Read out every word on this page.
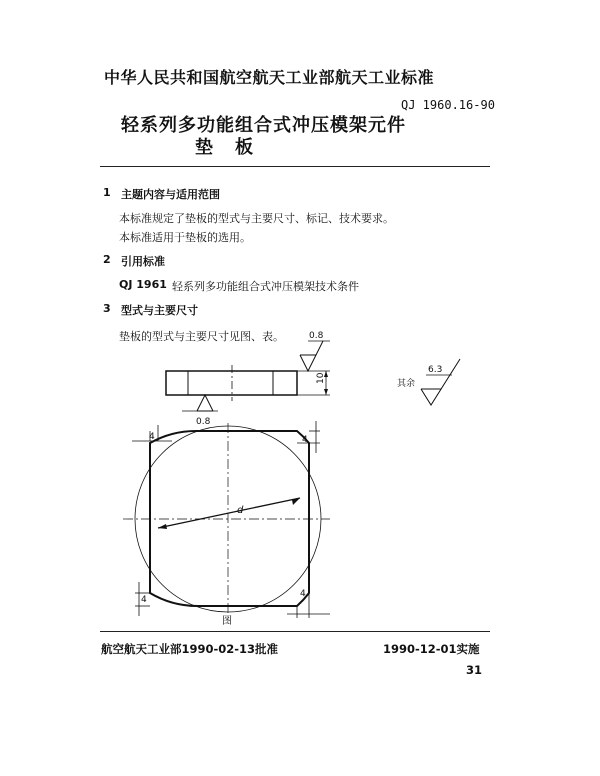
中华人民共和国航空航天工业部航天工业标准
QJ 1960.16-90
轻系列多功能组合式冲压模架元件
垫板
1 主题内容与适用范围
本标准规定了垫板的型式与主要尺寸、标记、技术要求。
本标准适用于垫板的选用。
2 引用标准
QJ 1961 轻系列多功能组合式冲压模架技术条件
3 型式与主要尺寸
垫板的型式与主要尺寸见图、表。
10
0.8
0.8
其余
6.3
4	4
4
4
d
图
航空航天工业部1990-02-13批准	1990-12-01实施
31
